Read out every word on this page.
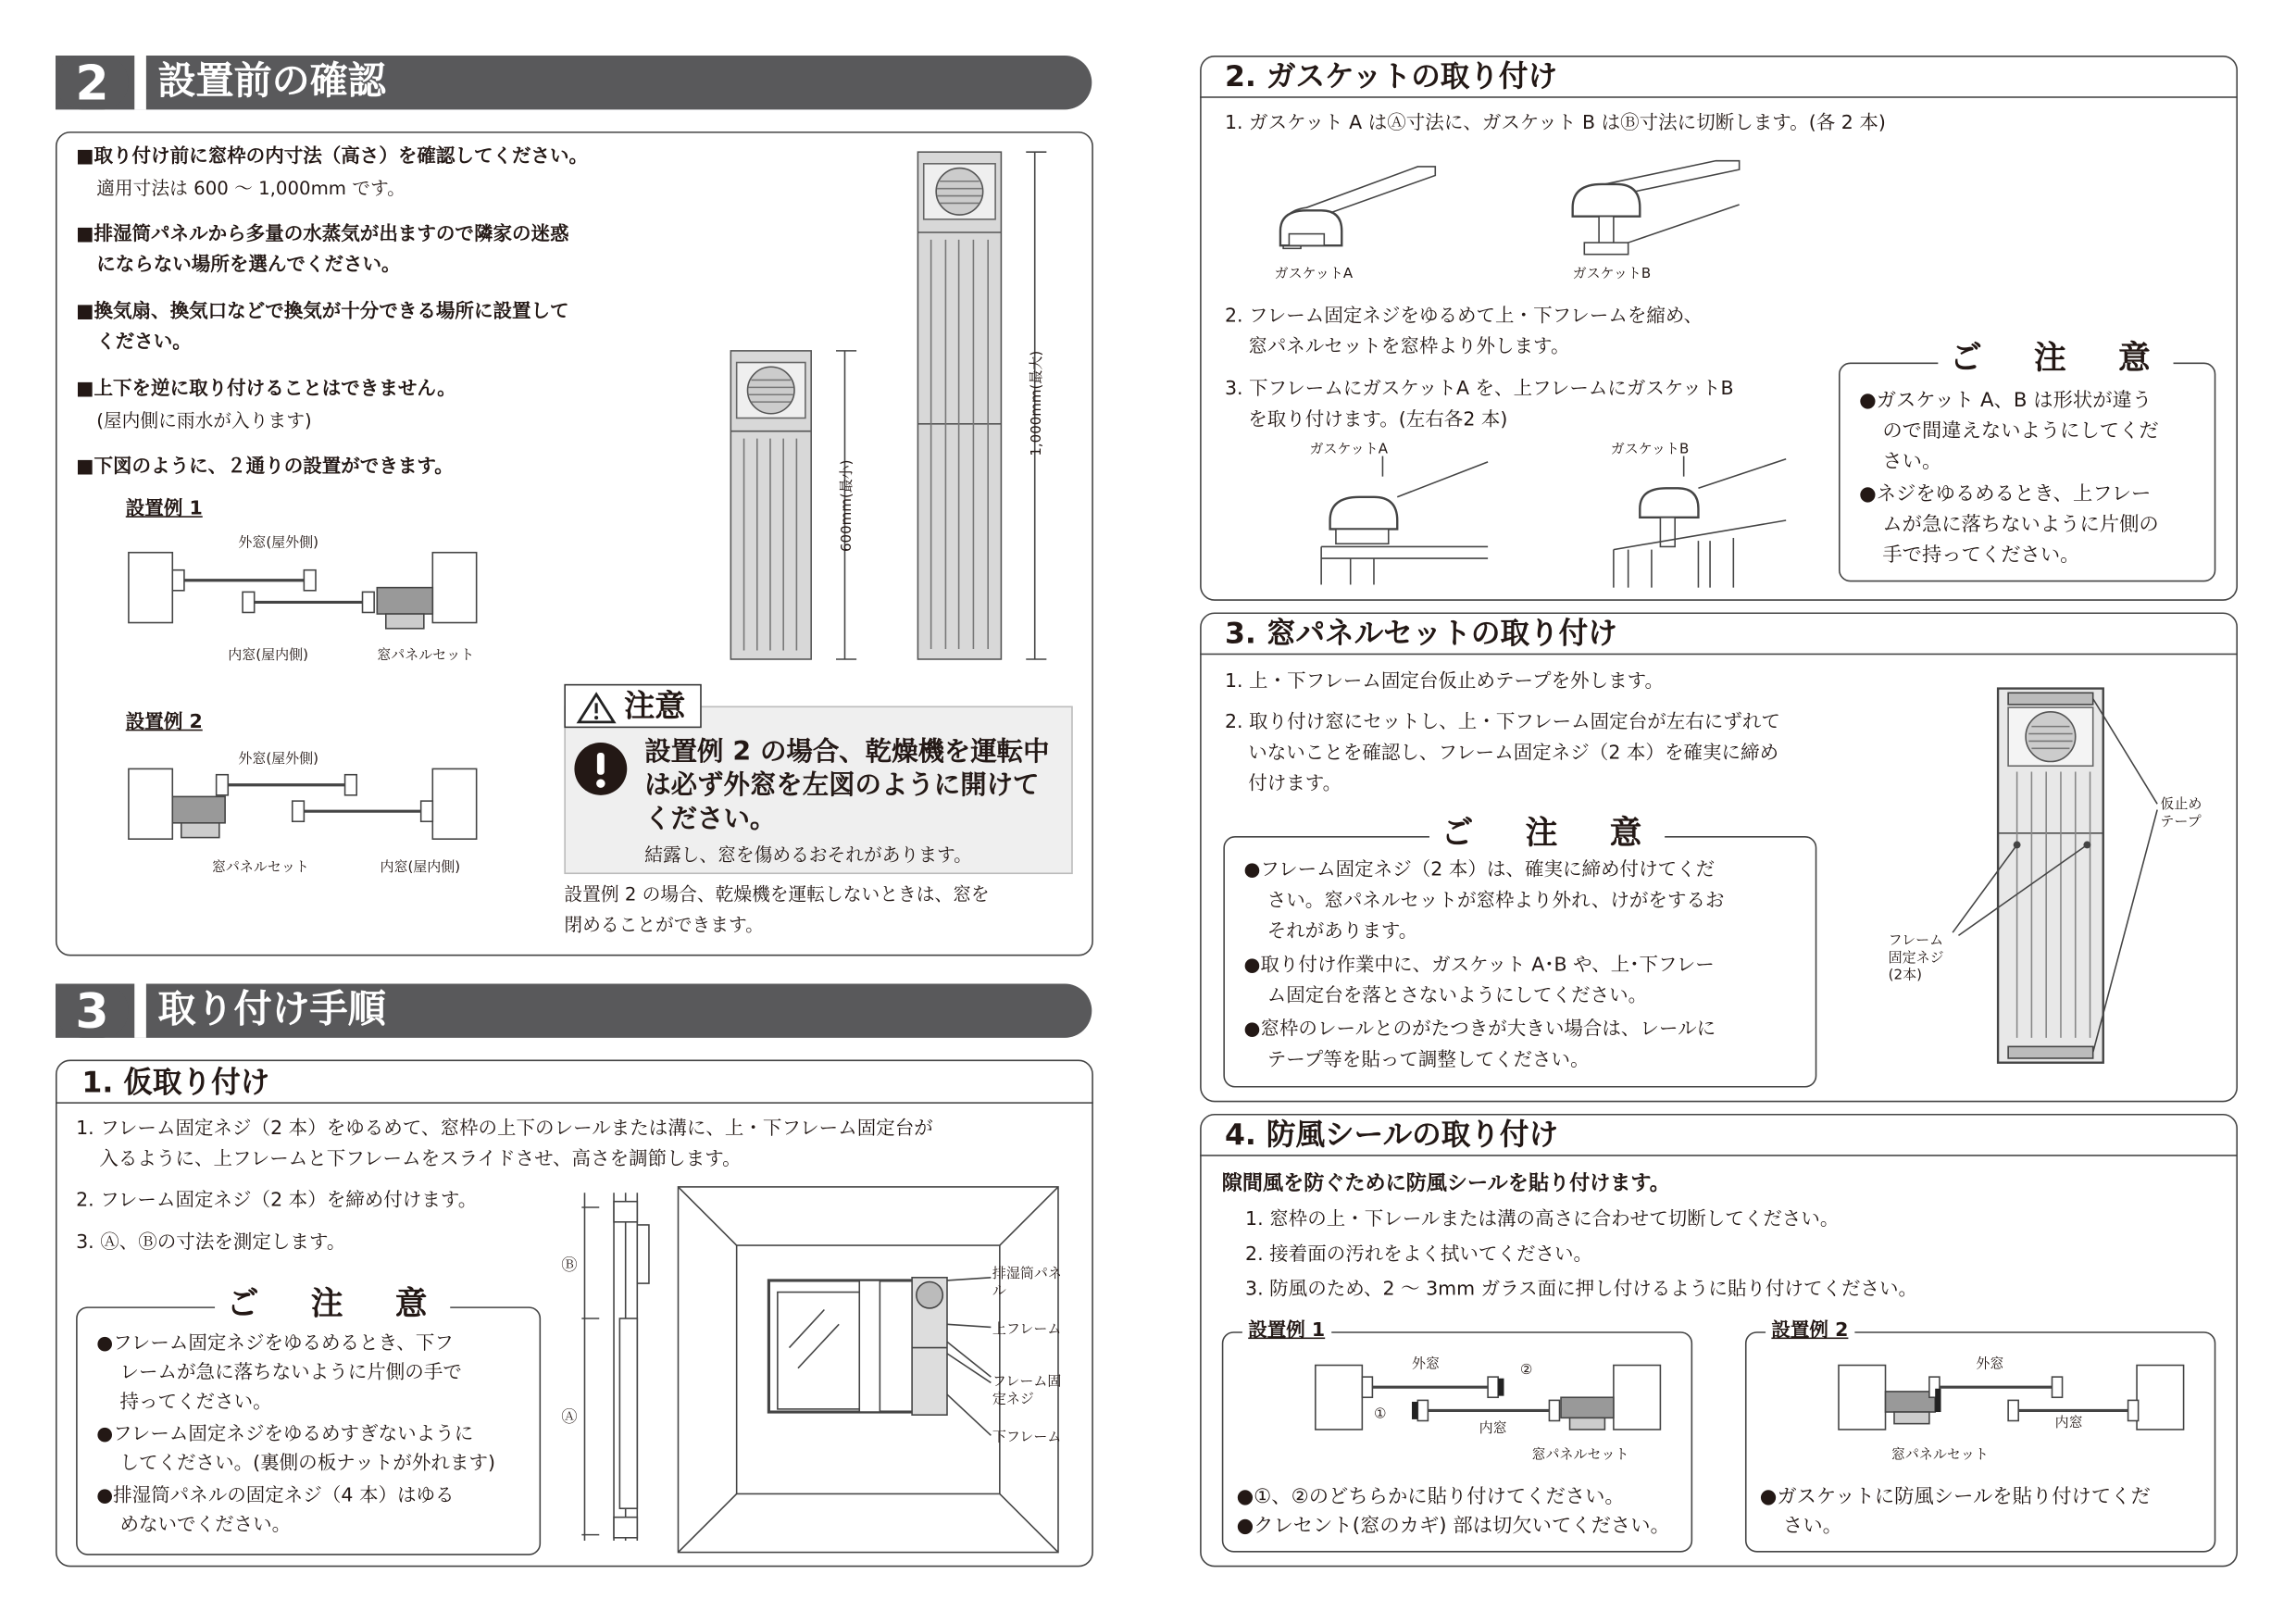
2	設置前の確認
■取り付け前に窓枠の内寸法（高さ）を確認してください。
適用寸法は 600 ～ 1,000mm です。
■排湿筒パネルから多量の水蒸気が出ますので隣家の迷惑
にならない場所を選んでください。
■換気扇、換気口などで換気が十分できる場所に設置して
ください。
■上下を逆に取り付けることはできません。
(屋内側に雨水が入ります)
■下図のように、２通りの設置ができます。
設置例 1
外窓(屋外側)
内窓(屋内側)	窓パネルセット
設置例 2
外窓(屋外側)
窓パネルセット	内窓(屋内側)
600mm(最小)
1,000mm(最大)
注意
設置例 2 の場合、乾燥機を運転中
は必ず外窓を左図のように開けて
ください。
結露し、窓を傷めるおそれがあります。
設置例 2 の場合、乾燥機を運転しないときは、窓を
閉めることができます。
3	取り付け手順
1. 仮取り付け
1. フレーム固定ネジ（2 本）をゆるめて、窓枠の上下のレールまたは溝に、上・下フレーム固定台が
入るように、上フレームと下フレームをスライドさせ、高さを調節します。
2. フレーム固定ネジ（2 本）を締め付けます。
3. Ⓐ、Ⓑの寸法を測定します。
ご 注 意
●フレーム固定ネジをゆるめるとき、下フ
レームが急に落ちないように片側の手で
持ってください。
●フレーム固定ネジをゆるめすぎないように
してください。(裏側の板ナットが外れます)
●排湿筒パネルの固定ネジ（4 本）はゆる
めないでください。
Ⓑ
Ⓐ
排湿筒パネル
上フレーム
フレーム固定ネジ
下フレーム
2. ガスケットの取り付け
1. ガスケット A はⒶ寸法に、ガスケット B はⒷ寸法に切断します。(各 2 本)
ガスケットA	ガスケットB
2. フレーム固定ネジをゆるめて上・下フレームを縮め、
窓パネルセットを窓枠より外します。
3. 下フレームにガスケットA を、上フレームにガスケットB
を取り付けます。(左右各2 本)
ガスケットA	ガスケットB
ご 注 意
●ガスケット A、B は形状が違う
ので間違えないようにしてくだ
さい。
●ネジをゆるめるとき、上フレー
ムが急に落ちないように片側の
手で持ってください。
3. 窓パネルセットの取り付け
1. 上・下フレーム固定台仮止めテープを外します。
2. 取り付け窓にセットし、上・下フレーム固定台が左右にずれて
いないことを確認し、フレーム固定ネジ（2 本）を確実に締め
付けます。
ご 注 意
●フレーム固定ネジ（2 本）は、確実に締め付けてくだ
さい。窓パネルセットが窓枠より外れ、けがをするお
それがあります。
●取り付け作業中に、ガスケット A･B や、上･下フレー
ム固定台を落とさないようにしてください。
●窓枠のレールとのがたつきが大きい場合は、レールに
テープ等を貼って調整してください。
仮止めテープ
フレーム固定ネジ(2本)
4. 防風シールの取り付け
隙間風を防ぐために防風シールを貼り付けます。
1. 窓枠の上・下レールまたは溝の高さに合わせて切断してください。
2. 接着面の汚れをよく拭いてください。
3. 防風のため、2 ～ 3mm ガラス面に押し付けるように貼り付けてください。
設置例 1
外窓	②
①
内窓
窓パネルセット
●①、②のどちらかに貼り付けてください。
●クレセント(窓のカギ) 部は切欠いてください。
設置例 2
外窓
内窓
窓パネルセット
●ガスケットに防風シールを貼り付けてくだ
さい。
